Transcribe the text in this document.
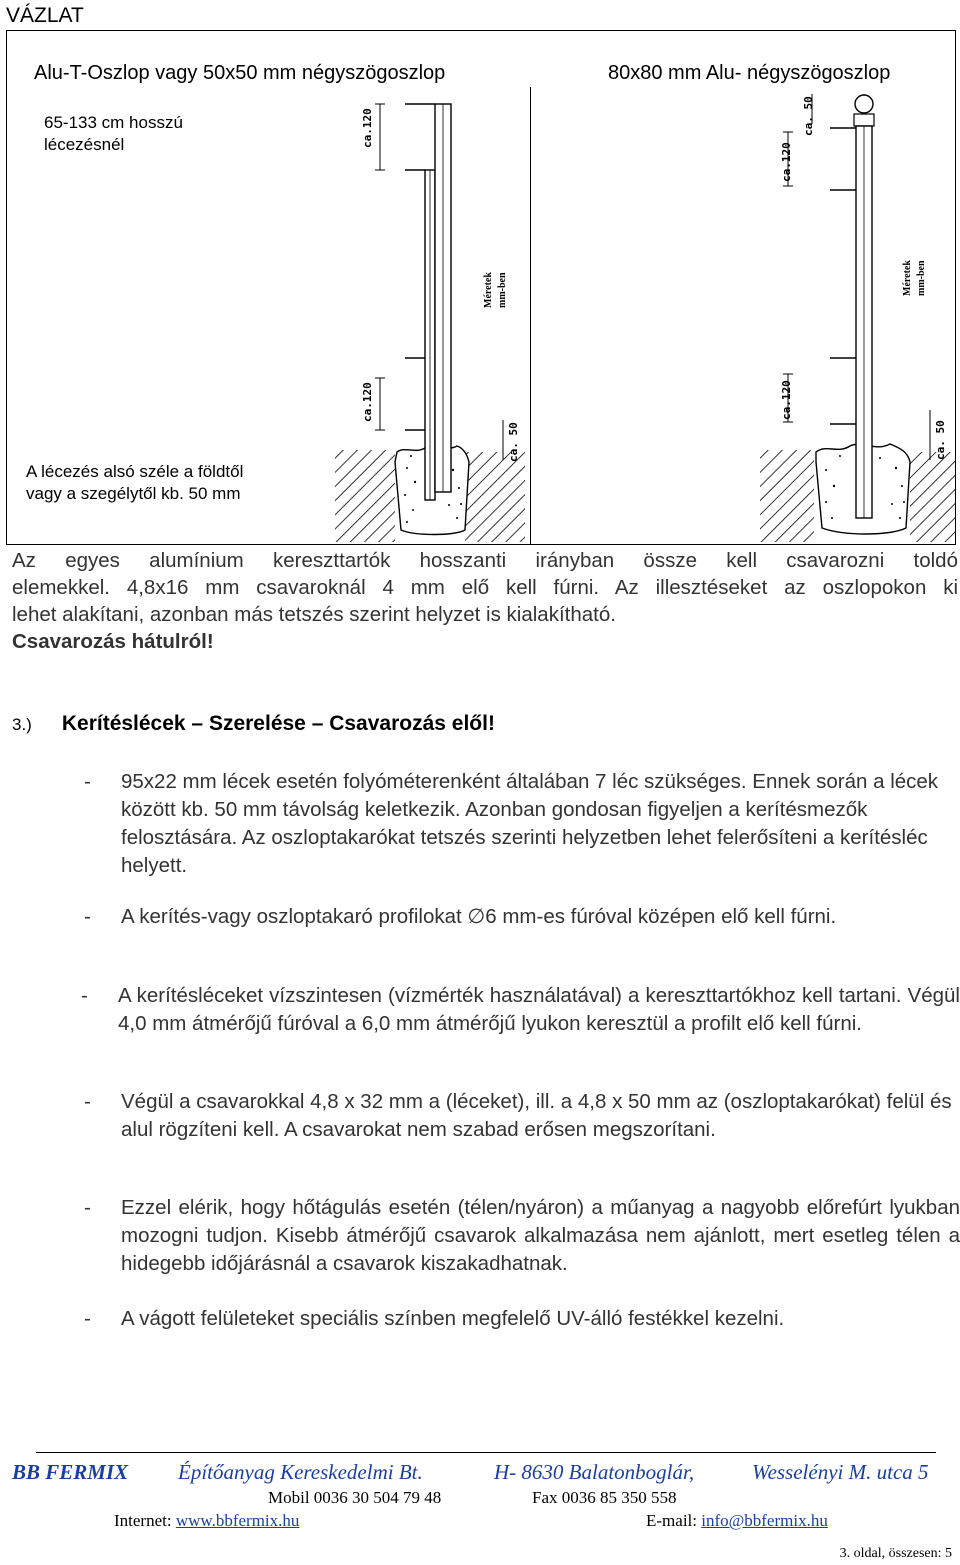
VÁZLAT
Alu-T-Oszlop vagy 50x50 mm négyszögoszlop	80x80 mm Alu- négyszögoszlop
65-133 cm hosszú
lécezésnél
A lécezés alsó széle a földtől
vagy a szegélytől kb. 50 mm
ca.120
ca.120
ca. 50
Méretek mm-ben
ca.120
ca.120
ca. 50
ca. 50
Méretek mm-ben
Az egyes alumínium kereszttartók hosszanti irányban össze kell csavarozni toldó
elemekkel. 4,8x16 mm csavaroknál 4 mm elő kell fúrni. Az illesztéseket az oszlopokon ki
lehet alakítani, azonban más tetszés szerint helyzet is kialakítható.
Csavarozás hátulról!
3.) Kerítéslécek – Szerelése – Csavarozás elől!
- 95x22 mm lécek esetén folyóméterenként általában 7 léc szükséges. Ennek során a lécek között kb. 50 mm távolság keletkezik. Azonban gondosan figyeljen a kerítésmezők felosztására. Az oszloptakarókat tetszés szerinti helyzetben lehet felerősíteni a kerítésléc helyett.
- A kerítés-vagy oszloptakaró profilokat ∅6 mm-es fúróval középen elő kell fúrni.
- A kerítésléceket vízszintesen (vízmérték használatával) a kereszttartókhoz kell tartani. Végül 4,0 mm átmérőjű fúróval a 6,0 mm átmérőjű lyukon keresztül a profilt elő kell fúrni.
- Végül a csavarokkal 4,8 x 32 mm a (léceket), ill. a 4,8 x 50 mm az (oszloptakarókat) felül és alul rögzíteni kell. A csavarokat nem szabad erősen megszorítani.
- Ezzel elérik, hogy hőtágulás esetén (télen/nyáron) a műanyag a nagyobb előrefúrt lyukban mozogni tudjon. Kisebb átmérőjű csavarok alkalmazása nem ajánlott, mert esetleg télen a hidegebb időjárásnál a csavarok kiszakadhatnak.
- A vágott felületeket speciális színben megfelelő UV-álló festékkel kezelni.
BB FERMIX Építőanyag Kereskedelmi Bt.	H- 8630 Balatonboglár,	Wesselényi M. utca 5
Mobil 0036 30 504 79 48	Fax 0036 85 350 558
Internet: www.bbfermix.hu	E-mail: info@bbfermix.hu
3. oldal, összesen: 5
